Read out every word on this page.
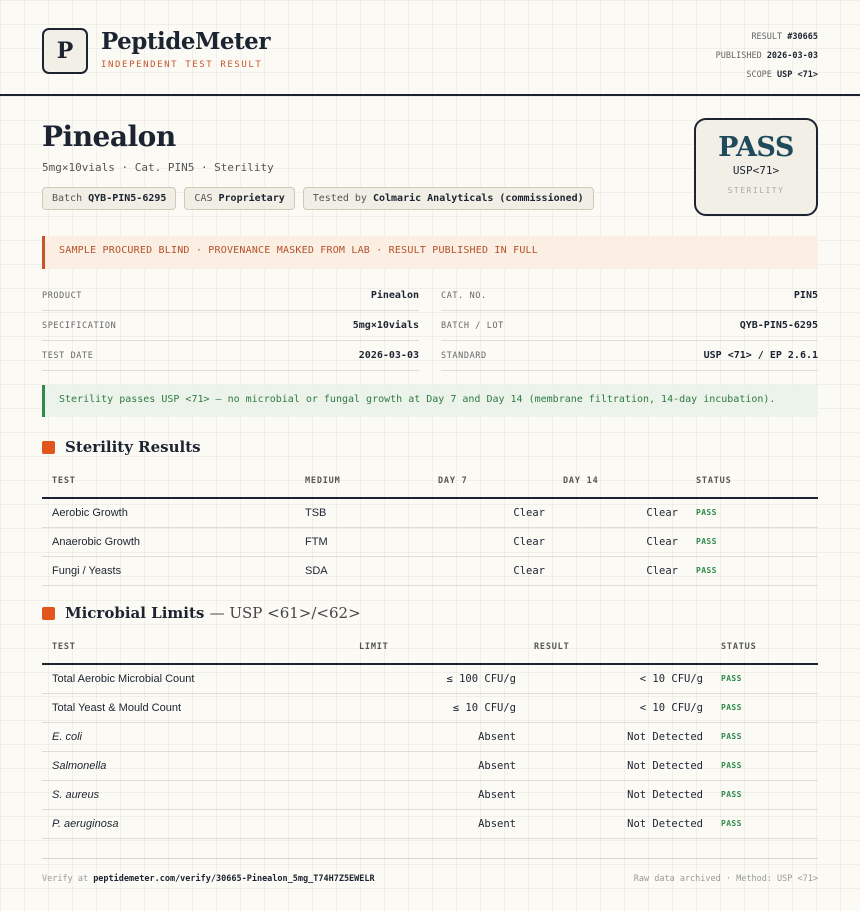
P	PeptideMeter
INDEPENDENT TEST RESULT
RESULT #30665
PUBLISHED 2026-03-03
SCOPE USP <71>
Pinealon
5mg×10vials · Cat. PIN5 · Sterility
Batch QYB-PIN5-6295	CAS Proprietary	Tested by Colmaric Analyticals (commissioned)
PASS
USP<71>
STERILITY
SAMPLE PROCURED BLIND · PROVENANCE MASKED FROM LAB · RESULT PUBLISHED IN FULL
PRODUCT	Pinealon	CAT. NO.	PIN5
SPECIFICATION	5mg×10vials	BATCH / LOT	QYB-PIN5-6295
TEST DATE	2026-03-03	STANDARD	USP <71> / EP 2.6.1
Sterility passes USP <71> — no microbial or fungal growth at Day 7 and Day 14 (membrane filtration, 14-day incubation).
Sterility Results
TEST	MEDIUM	DAY 7	DAY 14	STATUS
Aerobic Growth	TSB	Clear	Clear	PASS
Anaerobic Growth	FTM	Clear	Clear	PASS
Fungi / Yeasts	SDA	Clear	Clear	PASS
Microbial Limits — USP <61>/<62>
TEST	LIMIT	RESULT	STATUS
Total Aerobic Microbial Count	≤ 100 CFU/g	< 10 CFU/g	PASS
Total Yeast & Mould Count	≤ 10 CFU/g	< 10 CFU/g	PASS
E. coli	Absent	Not Detected	PASS
Salmonella	Absent	Not Detected	PASS
S. aureus	Absent	Not Detected	PASS
P. aeruginosa	Absent	Not Detected	PASS
Verify at peptidemeter.com/verify/30665-Pinealon_5mg_T74H7Z5EWELR	Raw data archived · Method: USP <71>
